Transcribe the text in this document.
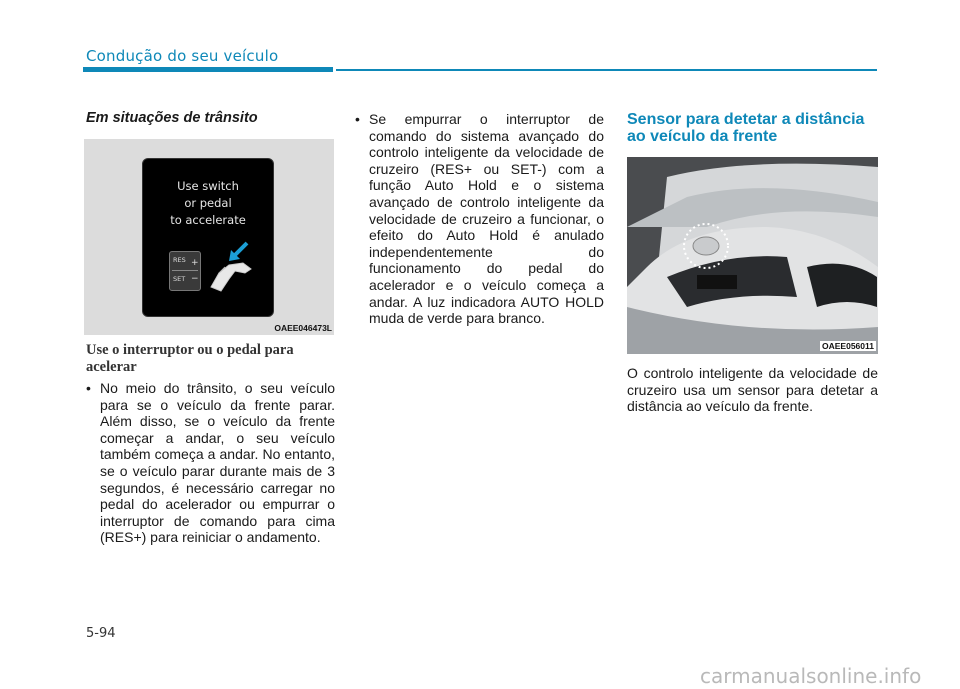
Condução do seu veículo
Em situações de trânsito
Use switch
or pedal
to accelerate
RES +
SET −
OAEE046473L
Use o interruptor ou o pedal para acelerar
• No meio do trânsito, o seu veículo para se o veículo da frente parar. Além disso, se o veículo da frente começar a andar, o seu veículo também começa a andar. No entanto, se o veículo parar durante mais de 3 segundos, é necessário carregar no pedal do acelerador ou empurrar o interruptor de comando para cima (RES+) para reiniciar o andamento.
• Se empurrar o interruptor de comando do sistema avançado do controlo inteligente da velocidade de cruzeiro (RES+ ou SET-) com a função Auto Hold e o sistema avançado de controlo inteligente da velocidade de cruzeiro a funcionar, o efeito do Auto Hold é anulado independentemente do funcionamento do pedal do acelerador e o veículo começa a andar. A luz indicadora AUTO HOLD muda de verde para branco.
Sensor para detetar a distância ao veículo da frente
OAEE056011
O controlo inteligente da velocidade de cruzeiro usa um sensor para detetar a distância ao veículo da frente.
5-94
carmanualsonline.info
